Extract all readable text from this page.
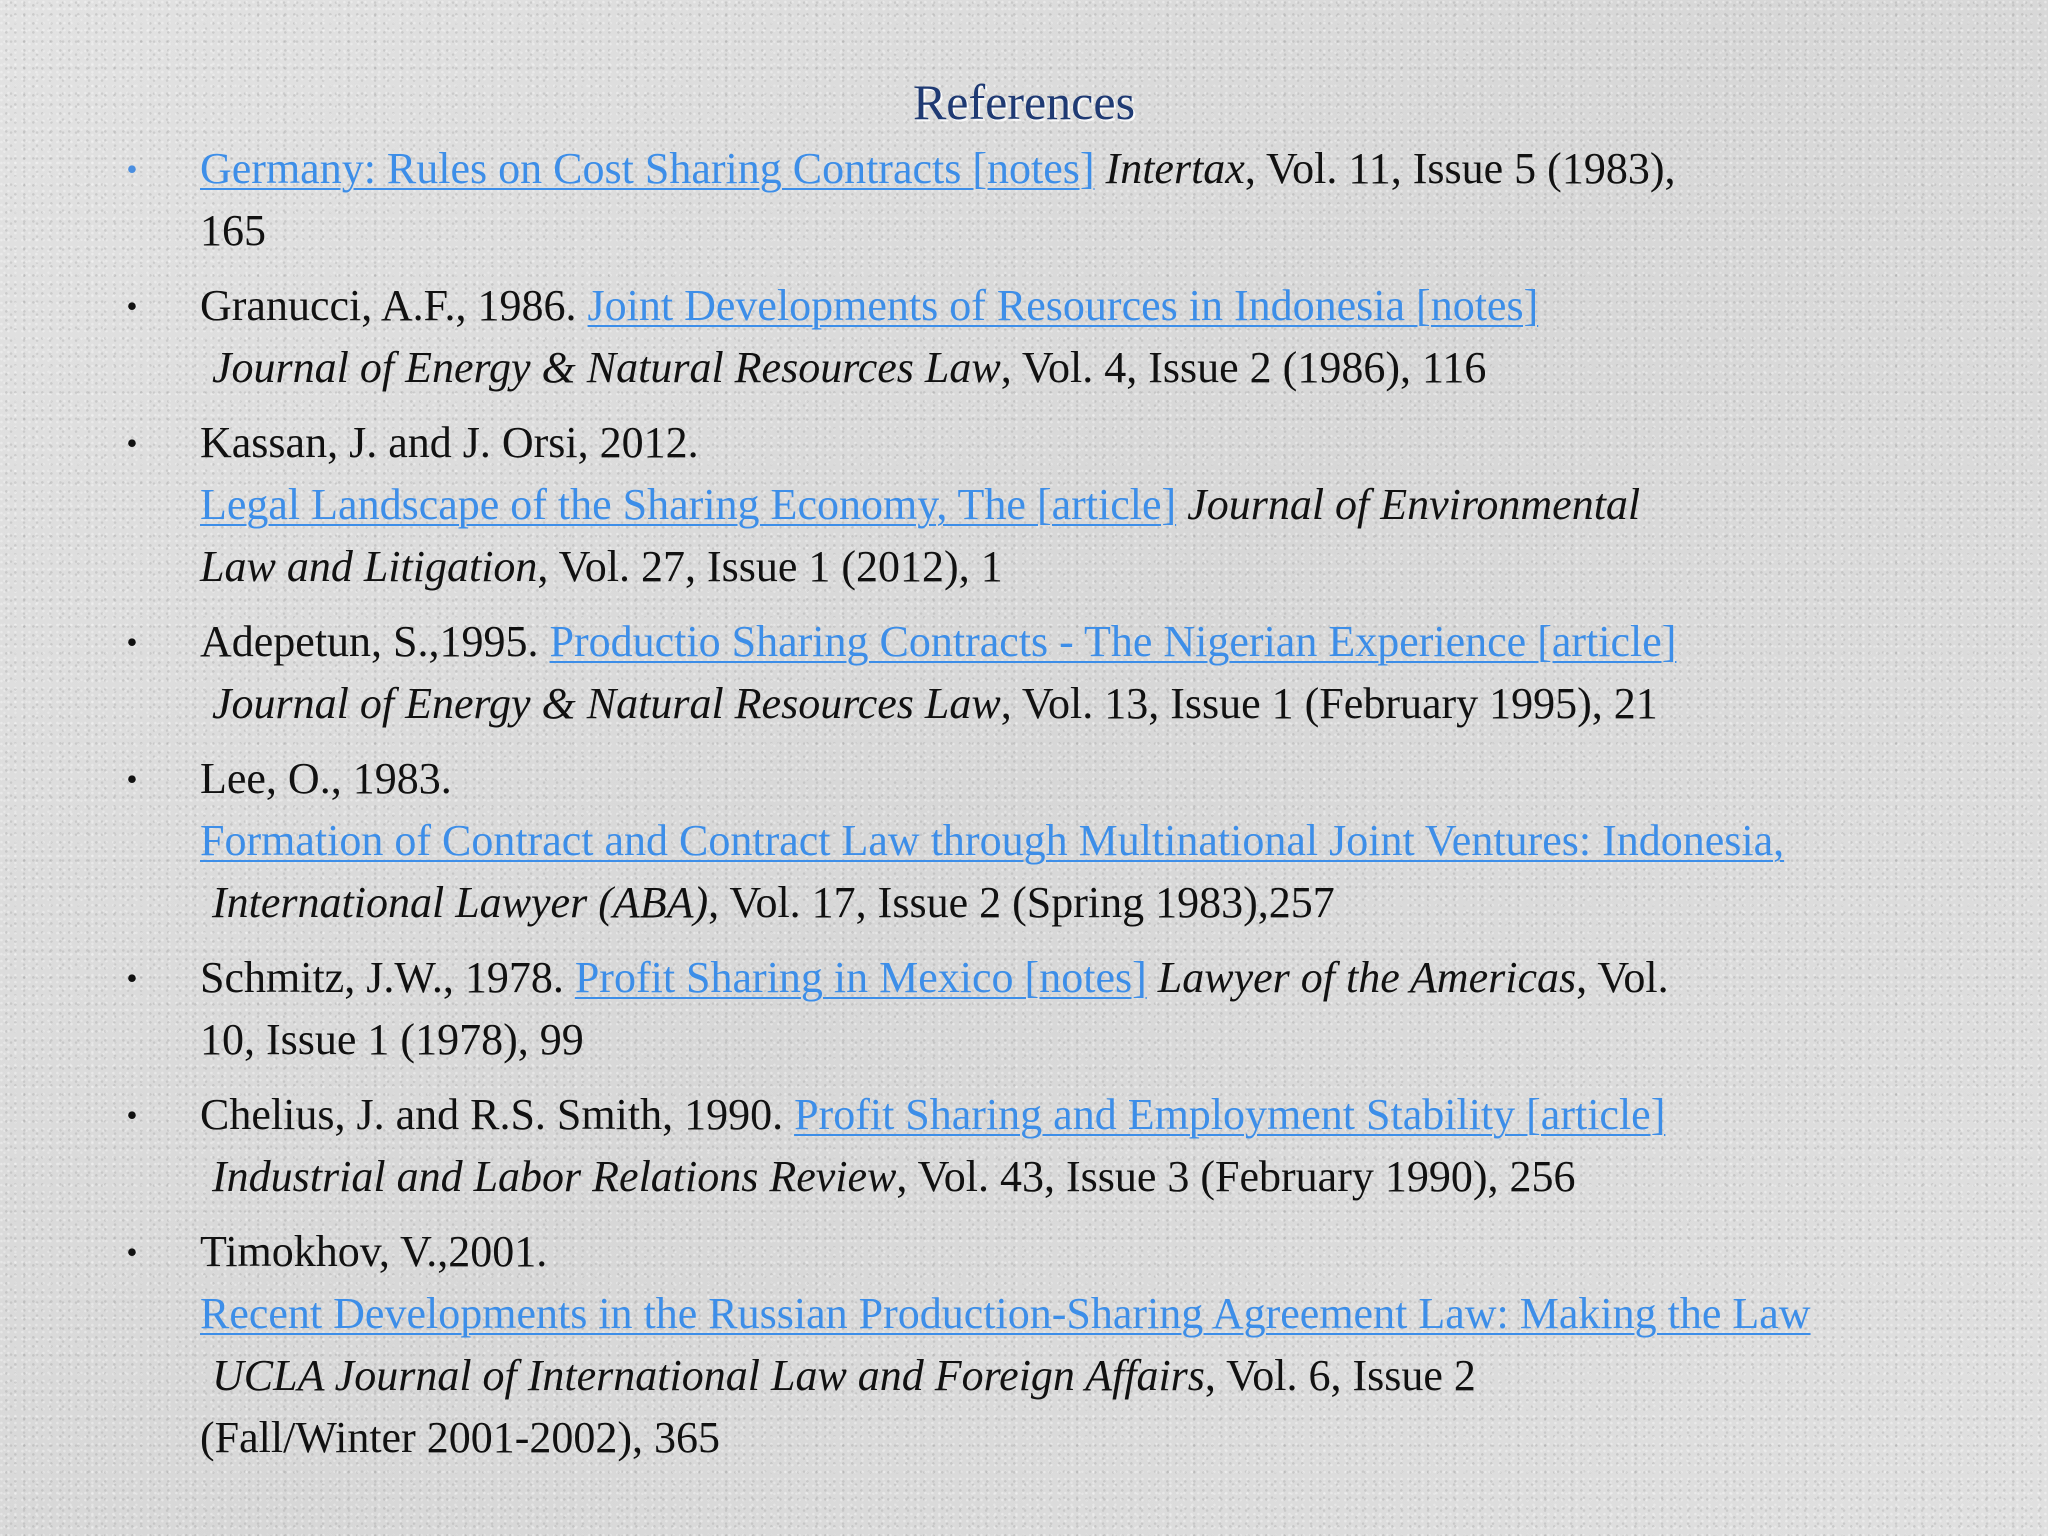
References
• Germany: Rules on Cost Sharing Contracts [notes] Intertax, Vol. 11, Issue 5 (1983),
165
• Granucci, A.F., 1986. Joint Developments of Resources in Indonesia [notes]
Journal of Energy & Natural Resources Law, Vol. 4, Issue 2 (1986), 116
• Kassan, J. and J. Orsi, 2012.
Legal Landscape of the Sharing Economy, The [article] Journal of Environmental
Law and Litigation, Vol. 27, Issue 1 (2012), 1
• Adepetun, S.,1995. Productio Sharing Contracts - The Nigerian Experience [article]
Journal of Energy & Natural Resources Law, Vol. 13, Issue 1 (February 1995), 21
• Lee, O., 1983.
Formation of Contract and Contract Law through Multinational Joint Ventures: Indonesia,
International Lawyer (ABA), Vol. 17, Issue 2 (Spring 1983),257
• Schmitz, J.W., 1978. Profit Sharing in Mexico [notes] Lawyer of the Americas, Vol.
10, Issue 1 (1978), 99
• Chelius, J. and R.S. Smith, 1990. Profit Sharing and Employment Stability [article]
Industrial and Labor Relations Review, Vol. 43, Issue 3 (February 1990), 256
• Timokhov, V.,2001.
Recent Developments in the Russian Production-Sharing Agreement Law: Making the Law
UCLA Journal of International Law and Foreign Affairs, Vol. 6, Issue 2
(Fall/Winter 2001-2002), 365
